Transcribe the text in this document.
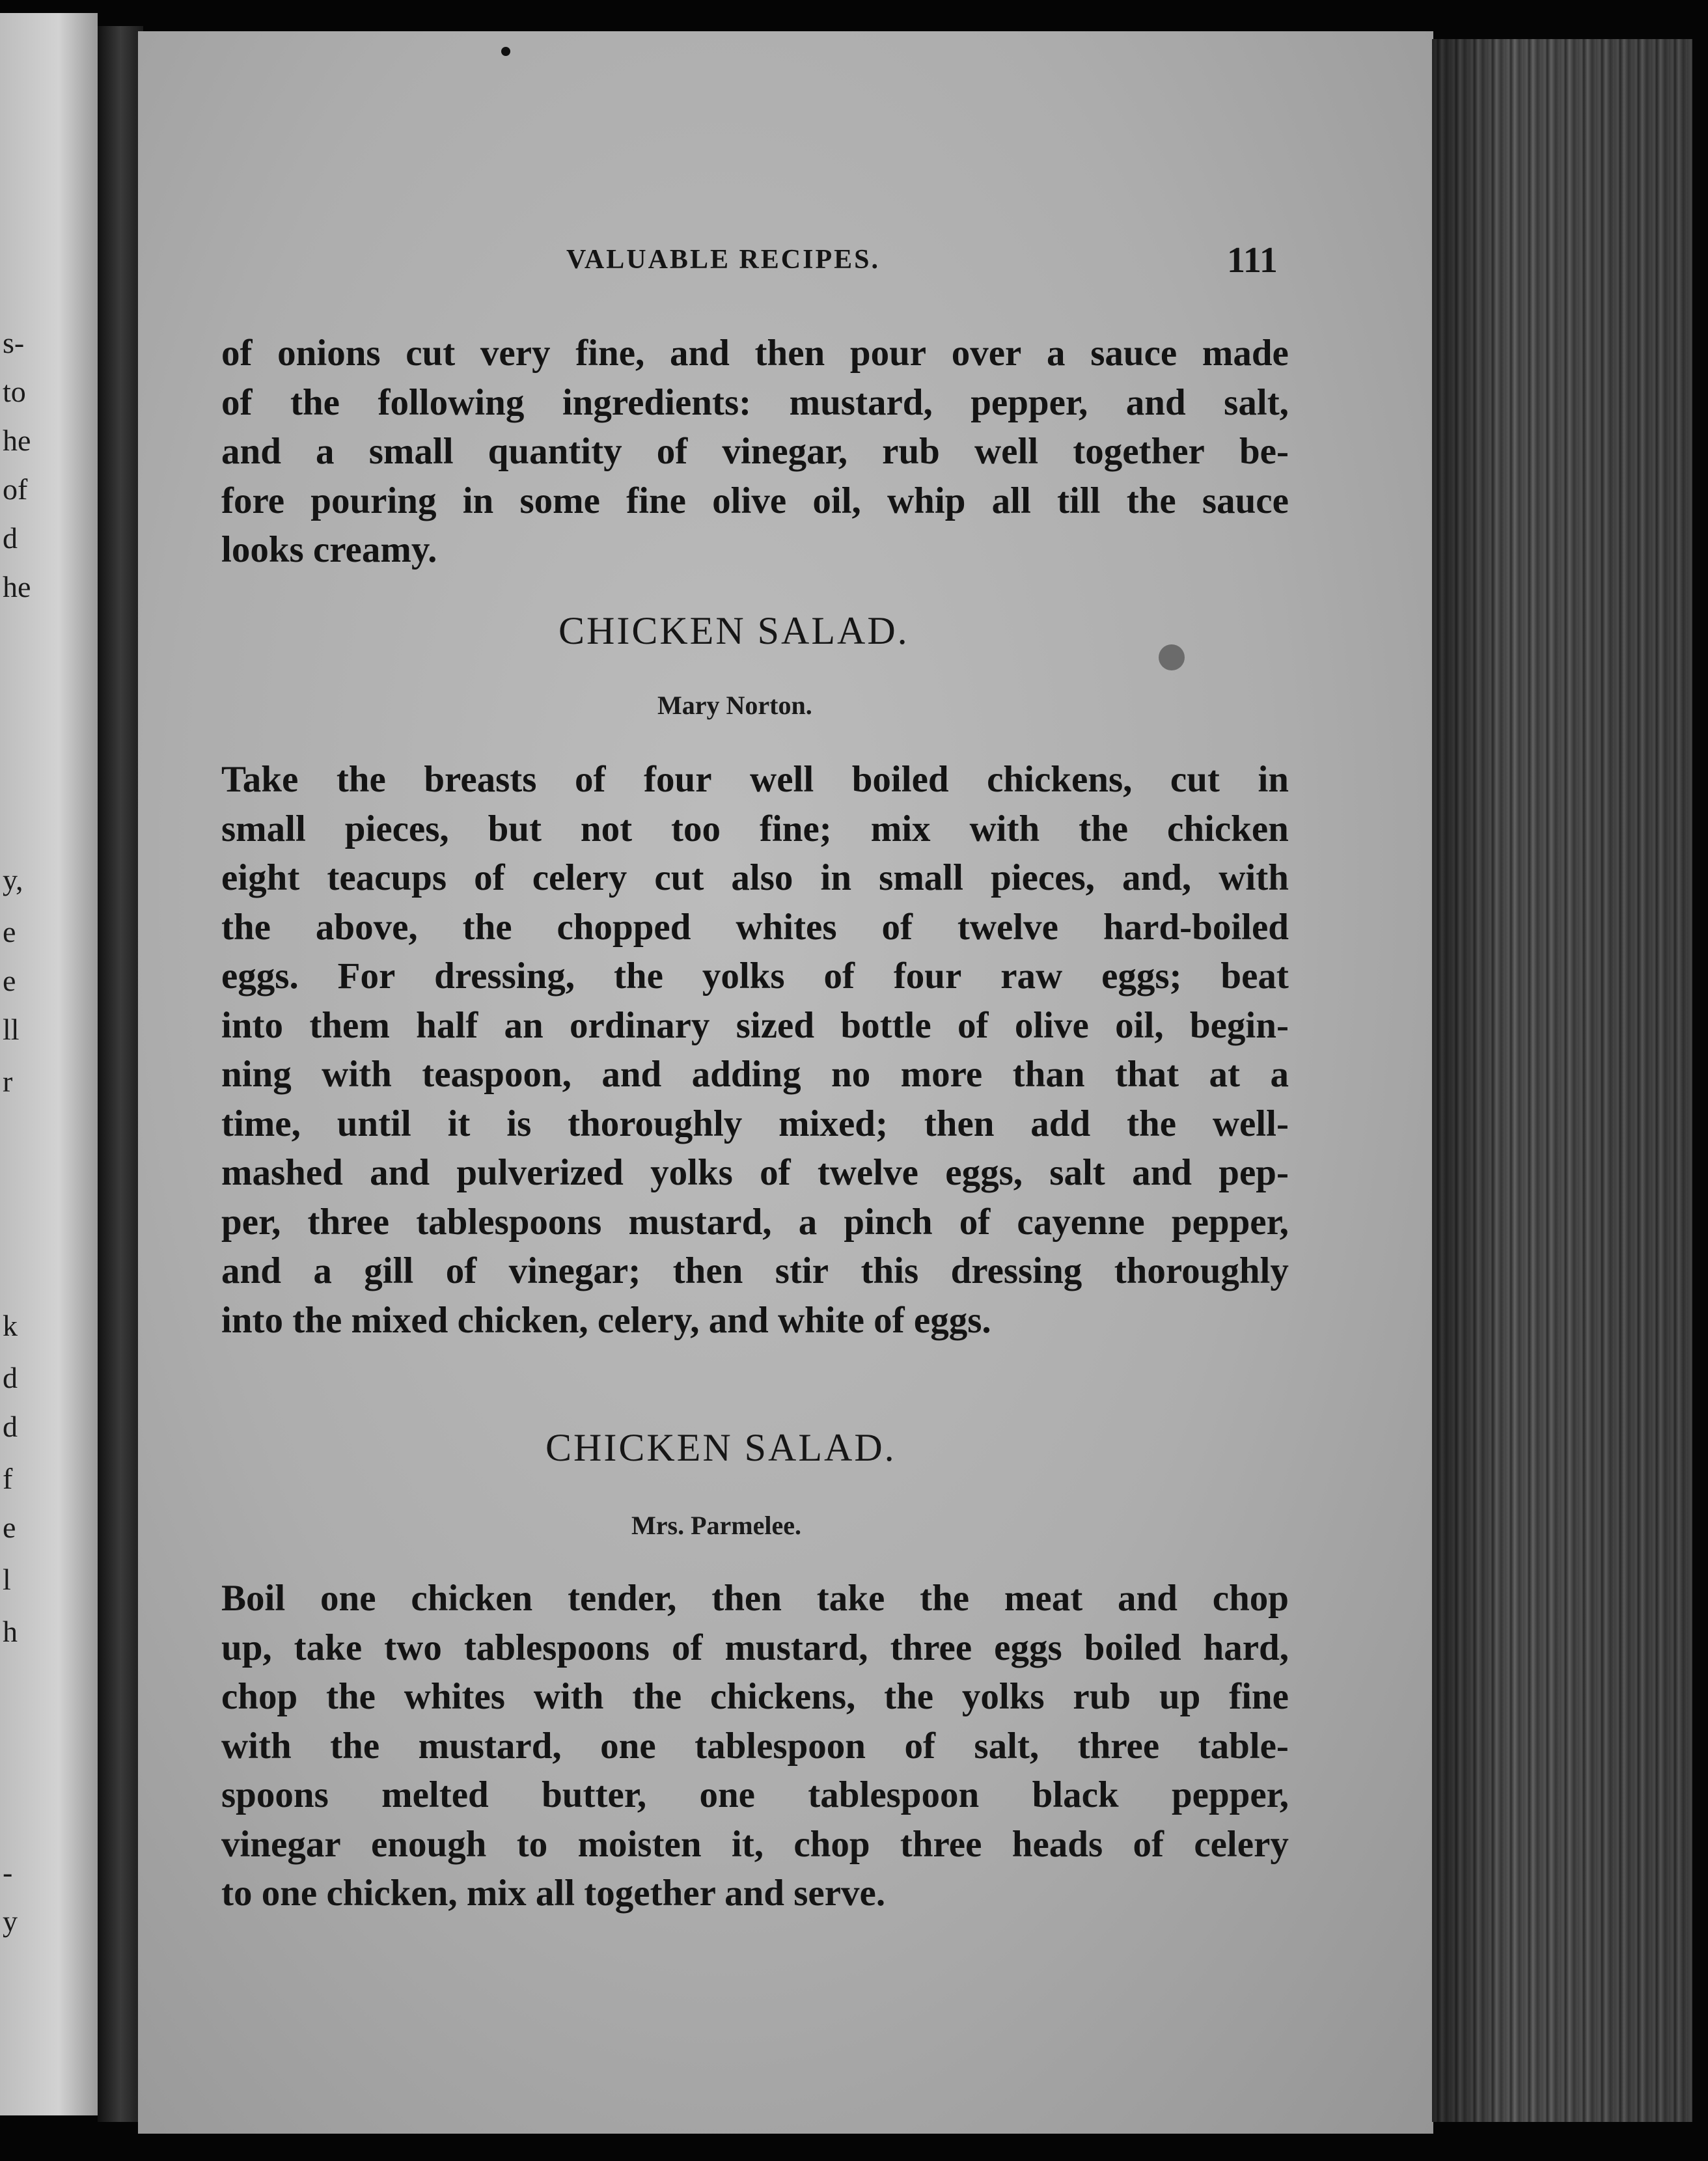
s-
to
he
of
d
he
y,
e
e
ll
r
k
d
d
f
e
l
h
-
y
VALUABLE RECIPES.	111
of onions cut very fine, and then pour over a sauce made
of the following ingredients: mustard, pepper, and salt,
and a small quantity of vinegar, rub well together be-
fore pouring in some fine olive oil, whip all till the sauce
looks creamy.
CHICKEN SALAD.
Mary Norton.
Take the breasts of four well boiled chickens, cut in
small pieces, but not too fine; mix with the chicken
eight teacups of celery cut also in small pieces, and, with
the above, the chopped whites of twelve hard-boiled
eggs. For dressing, the yolks of four raw eggs; beat
into them half an ordinary sized bottle of olive oil, begin-
ning with teaspoon, and adding no more than that at a
time, until it is thoroughly mixed; then add the well-
mashed and pulverized yolks of twelve eggs, salt and pep-
per, three tablespoons mustard, a pinch of cayenne pepper,
and a gill of vinegar; then stir this dressing thoroughly
into the mixed chicken, celery, and white of eggs.
CHICKEN SALAD.
Mrs. Parmelee.
Boil one chicken tender, then take the meat and chop
up, take two tablespoons of mustard, three eggs boiled hard,
chop the whites with the chickens, the yolks rub up fine
with the mustard, one tablespoon of salt, three table-
spoons melted butter, one tablespoon black pepper,
vinegar enough to moisten it, chop three heads of celery
to one chicken, mix all together and serve.
